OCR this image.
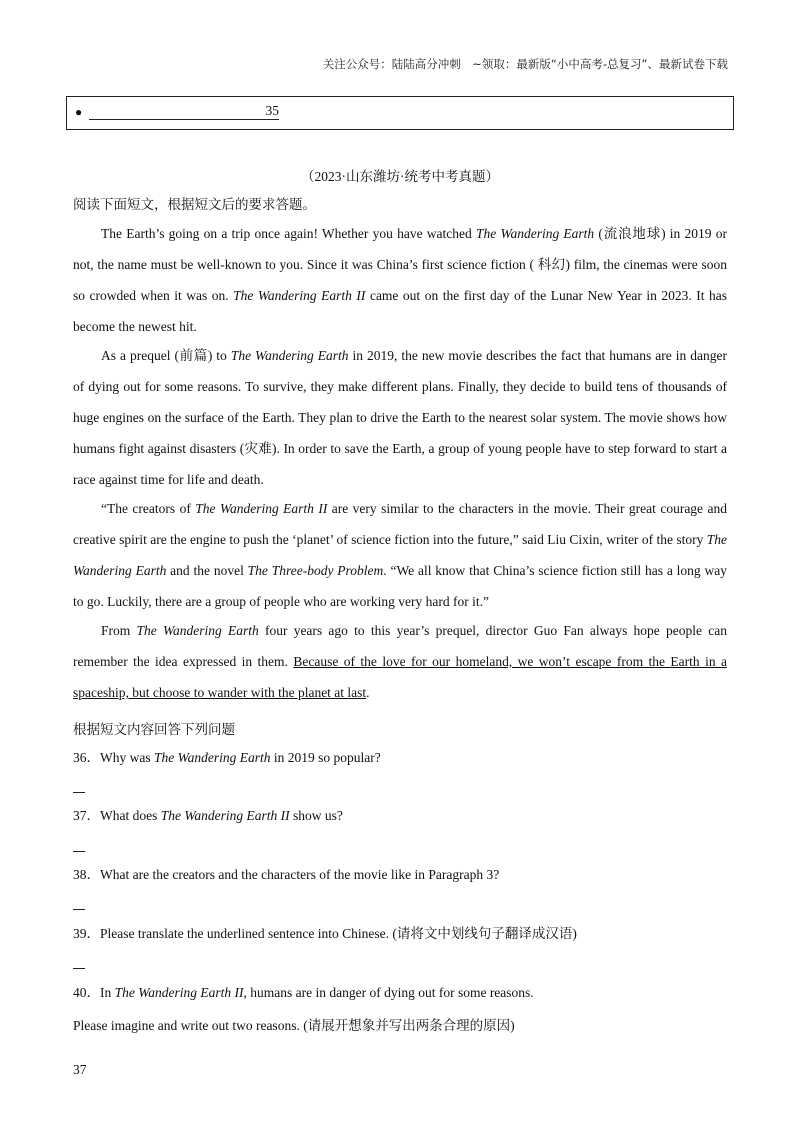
关注公众号：陆陆高分冲刺　~领取：最新版“小中高考-总复习”、最新试卷下载
●	35
（2023·山东潍坊·统考中考真题）
阅读下面短文，根据短文后的要求答题。

The Earth’s going on a trip once again! Whether you have watched The Wandering Earth (流浪地球) in 2019 or not, the name must be well-known to you. Since it was China’s first science fiction ( 科幻) film, the cinemas were soon so crowded when it was on. The Wandering Earth II came out on the first day of the Lunar New Year in 2023. It has become the newest hit.

As a prequel (前篇) to The Wandering Earth in 2019, the new movie describes the fact that humans are in danger of dying out for some reasons. To survive, they make different plans. Finally, they decide to build tens of thousands of huge engines on the surface of the Earth. They plan to drive the Earth to the nearest solar system. The movie shows how humans fight against disasters (灾难). In order to save the Earth, a group of young people have to step forward to start a race against time for life and death.

“The creators of The Wandering Earth II are very similar to the characters in the movie. Their great courage and creative spirit are the engine to push the ‘planet’ of science fiction into the future,” said Liu Cixin, writer of the story The Wandering Earth and the novel The Three-body Problem. “We all know that China’s science fiction still has a long way to go. Luckily, there are a group of people who are working very hard for it.”

From The Wandering Earth four years ago to this year’s prequel, director Guo Fan always hope people can remember the idea expressed in them. Because of the love for our homeland, we won’t escape from the Earth in a spaceship, but choose to wander with the planet at last.

根据短文内容回答下列问题
36．Why was The Wandering Earth in 2019 so popular?
37．What does The Wandering Earth II show us?
38．What are the creators and the characters of the movie like in Paragraph 3?
39．Please translate the underlined sentence into Chinese. (请将文中划线句子翻译成汉语)
40．In The Wandering Earth II, humans are in danger of dying out for some reasons.
Please imagine and write out two reasons. (请展开想象并写出两条合理的原因)
37
